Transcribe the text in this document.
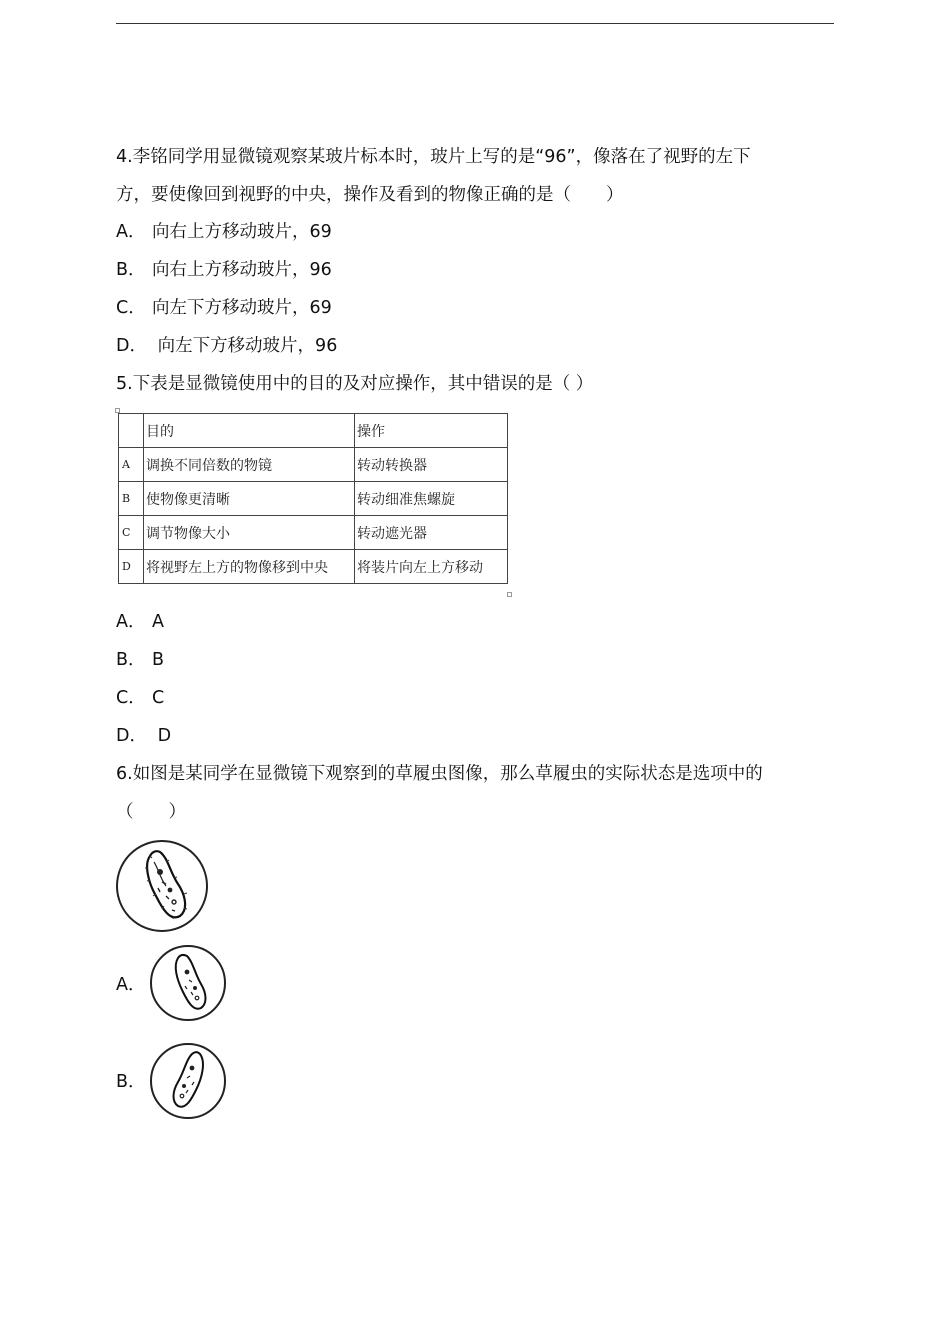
4.李铭同学用显微镜观察某玻片标本时，玻片上写的是“96”，像落在了视野的左下
方，要使像回到视野的中央，操作及看到的物像正确的是（　　）
A． 向右上方移动玻片，69
B． 向右上方移动玻片，96
C． 向左下方移动玻片，69
D． 向左下方移动玻片，96
5.下表是显微镜使用中的目的及对应操作，其中错误的是（ ）
	目的	操作
A	调换不同倍数的物镜	转动转换器
B	使物像更清晰	转动细准焦螺旋
C	调节物像大小	转动遮光器
D	将视野左上方的物像移到中央	将装片向左上方移动
A． A
B． B
C． C
D． D
6.如图是某同学在显微镜下观察到的草履虫图像，那么草履虫的实际状态是选项中的
（　　）
A．
B．
